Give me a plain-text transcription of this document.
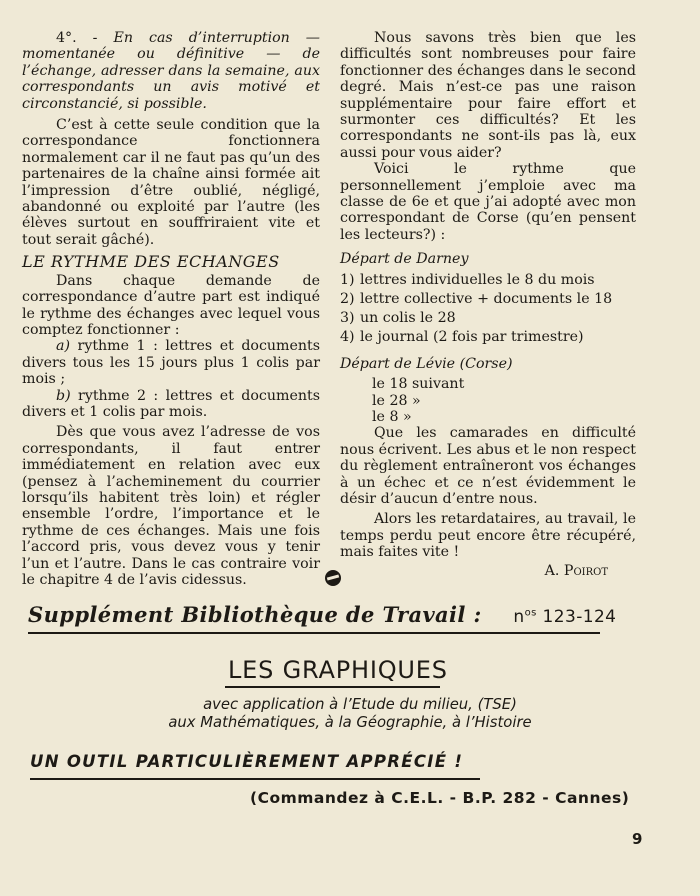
4°. - En cas d’interruption — momentanée ou définitive — de l’échange, adresser dans la semaine, aux correspondants un avis motivé et circonstancié, si possible.

C’est à cette seule condition que la correspondance fonctionnera normalement car il ne faut pas qu’un des partenaires de la chaîne ainsi formée ait l’impression d’être oublié, négligé, abandonné ou exploité par l’autre (les élèves surtout en souffriraient vite et tout serait gâché).

LE RYTHME DES ECHANGES

Dans chaque demande de correspondance d’autre part est indiqué le rythme des échanges avec lequel vous comptez fonctionner :

a) rythme 1 : lettres et documents divers tous les 15 jours plus 1 colis par mois ;

b) rythme 2 : lettres et documents divers et 1 colis par mois.

Dès que vous avez l’adresse de vos correspondants, il faut entrer immédiatement en relation avec eux (pensez à l’acheminement du courrier lorsqu’ils habitent très loin) et régler ensemble l’ordre, l’importance et le rythme de ces échanges. Mais une fois l’accord pris, vous devez vous y tenir l’un et l’autre. Dans le cas contraire voir le chapitre 4 de l’avis cidessus.

Nous savons très bien que les difficultés sont nombreuses pour faire fonctionner des échanges dans le second degré. Mais n’est-ce pas une raison supplémentaire pour faire effort et surmonter ces difficultés? Et les correspondants ne sont-ils pas là, eux aussi pour vous aider?

Voici le rythme que personnellement j’emploie avec ma classe de 6e et que j’ai adopté avec mon correspondant de Corse (qu’en pensent les lecteurs?) :

Départ de Darney

1) lettres individuelles le 8 du mois

2) lettre collective + documents le 18

3) un colis le 28

4) le journal (2 fois par trimestre)

Départ de Lévie (Corse)

le 18 suivant

le 28 »

le 8 »

Que les camarades en difficulté nous écrivent. Les abus et le non respect du règlement entraîneront vos échanges à un échec et ce n’est évidemment le désir d’aucun d’entre nous.

Alors les retardataires, au travail, le temps perdu peut encore être récupéré, mais faites vite !

A. Poirot

Supplément Bibliothèque de Travail : $n^{os}$ 123-124
LES GRAPHIQUES
avec application à l’Etude du milieu, (TSE)
aux Mathématiques, à la Géographie, à l’Histoire
UN OUTIL PARTICULIÈREMENT APPRÉCIÉ !
(Commandez à C.E.L. - B.P. 282 - Cannes)
9
